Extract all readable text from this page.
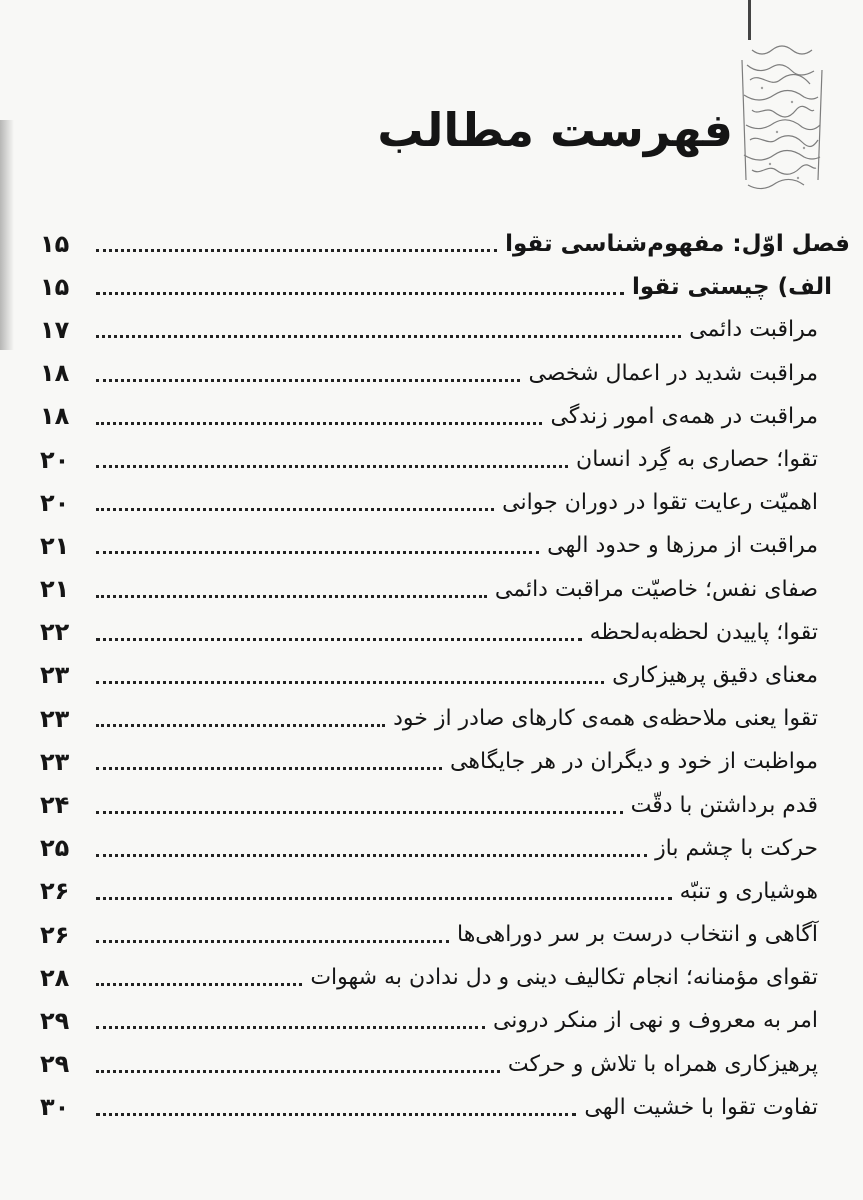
فهرست مطالب
فصل اوّل: مفهوم‌شناسی تقوا
۱۵
الف) چیستی تقوا
۱۵
مراقبت دائمی
۱۷
مراقبت شدید در اعمال شخصی
۱۸
مراقبت در همه‌ی امور زندگی
۱۸
تقوا؛ حصاری به گِرد انسان
۲۰
اهمیّت رعایت تقوا در دوران جوانی
۲۰
مراقبت از مرزها و حدود الهی
۲۱
صفای نفس؛ خاصیّت مراقبت دائمی
۲۱
تقوا؛ پاییدن لحظه‌به‌لحظه
۲۲
معنای دقیق پرهیزکاری
۲۳
تقوا یعنی ملاحظه‌ی همه‌ی کارهای صادر از خود
۲۳
مواظبت از خود و دیگران در هر جایگاهی
۲۳
قدم برداشتن با دقّت
۲۴
حرکت با چشم باز
۲۵
هوشیاری و تنبّه
۲۶
آگاهی و انتخاب درست بر سر دوراهی‌ها
۲۶
تقوای مؤمنانه؛ انجام تکالیف دینی و دل ندادن به شهوات
۲۸
امر به معروف و نهی از منکر درونی
۲۹
پرهیزکاری همراه با تلاش و حرکت
۲۹
تفاوت تقوا با خشیت الهی
۳۰
